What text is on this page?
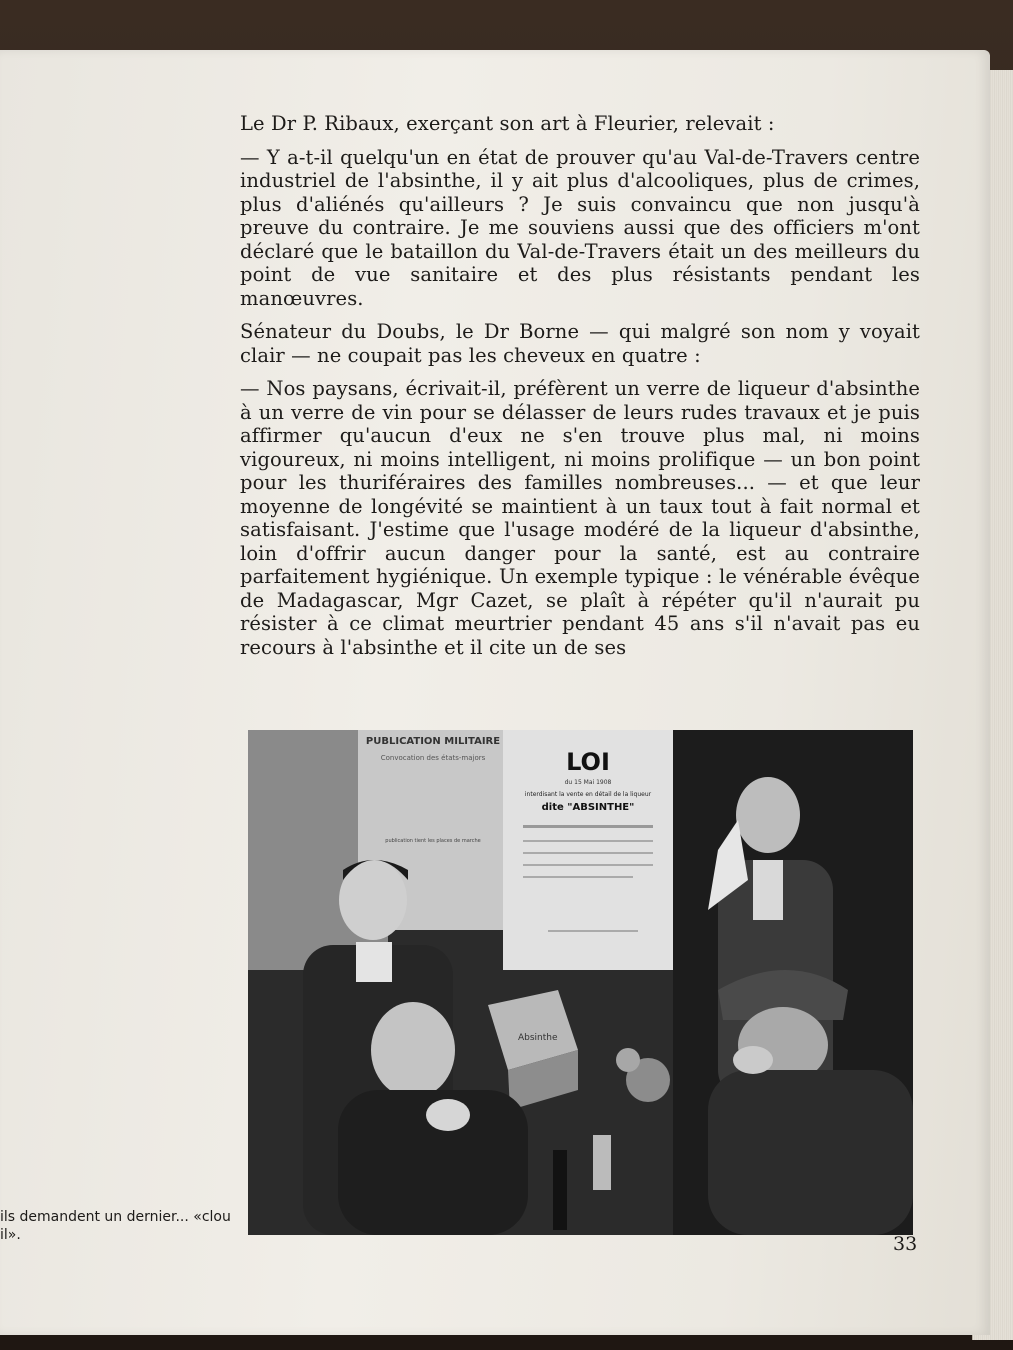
Le Dr P. Ribaux, exerçant son art à Fleurier, relevait :

— Y a-t-il quelqu'un en état de prouver qu'au Val-de-Travers centre industriel de l'absinthe, il y ait plus d'alcooliques, plus de crimes, plus d'aliénés qu'ailleurs ? Je suis convaincu que non jusqu'à preuve du contraire. Je me souviens aussi que des officiers m'ont déclaré que le bataillon du Val-de-Travers était un des meilleurs du point de vue sanitaire et des plus résistants pendant les manœuvres.

Sénateur du Doubs, le Dr Borne — qui malgré son nom y voyait clair — ne coupait pas les cheveux en quatre :

— Nos paysans, écrivait-il, préfèrent un verre de liqueur d'absinthe à un verre de vin pour se délasser de leurs rudes travaux et je puis affirmer qu'aucun d'eux ne s'en trouve plus mal, ni moins vigoureux, ni moins intelligent, ni moins prolifique — un bon point pour les thuriféraires des familles nombreuses... — et que leur moyenne de longévité se maintient à un taux tout à fait normal et satisfaisant. J'estime que l'usage modéré de la liqueur d'absinthe, loin d'offrir aucun danger pour la santé, est au contraire parfaitement hygiénique. Un exemple typique : le vénérable évêque de Madagascar, Mgr Cazet, se plaît à répéter qu'il n'aurait pu résister à ce climat meurtrier pendant 45 ans s'il n'avait pas eu recours à l'absinthe et il cite un de ses

PUBLICATION MILITAIRE
Convocation des états-majors
publication tient les places de marche
LOI
du 15 Mai 1908
interdisant la vente en détail de la liqueur
dite "ABSINTHE"
Absinthe
ils demandent un dernier... «clou
il».	33
